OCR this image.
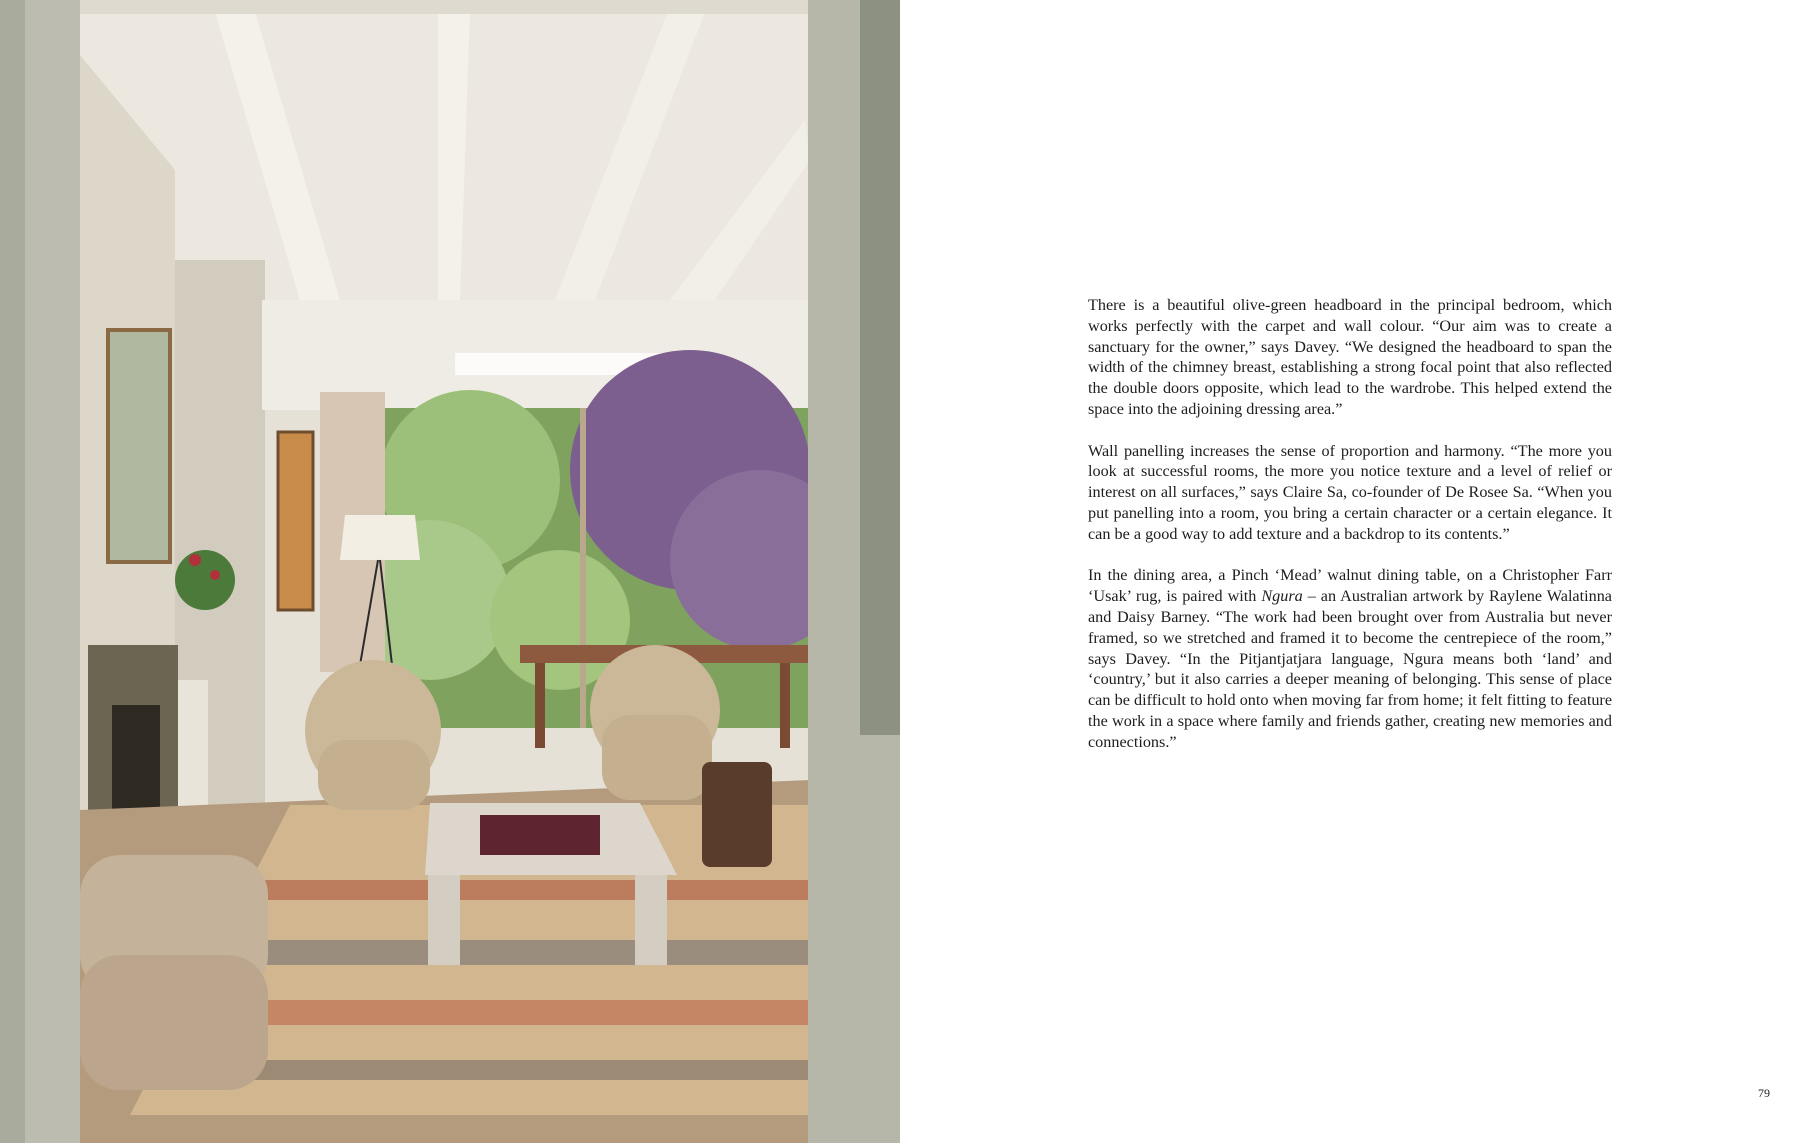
There is a beautiful olive-green headboard in the principal bedroom, which works perfectly with the carpet and wall colour. “Our aim was to create a sanctuary for the owner,” says Davey. “We designed the headboard to span the width of the chimney breast, establishing a strong focal point that also reflected the double doors opposite, which lead to the wardrobe. This helped extend the space into the adjoining dressing area.”

Wall panelling increases the sense of proportion and harmony. “The more you look at successful rooms, the more you notice texture and a level of relief or interest on all surfaces,” says Claire Sa, co-founder of De Rosee Sa. “When you put panelling into a room, you bring a certain character or a certain elegance. It can be a good way to add texture and a backdrop to its contents.”

In the dining area, a Pinch ‘Mead’ walnut dining table, on a Christopher Farr ‘Usak’ rug, is paired with Ngura – an Australian artwork by Raylene Walatinna and Daisy Barney. “The work had been brought over from Australia but never framed, so we stretched and framed it to become the centrepiece of the room,” says Davey. “In the Pitjantjatjara language, Ngura means both ‘land’ and ‘country,’ but it also carries a deeper meaning of belonging. This sense of place can be difficult to hold onto when moving far from home; it felt fitting to feature the work in a space where family and friends gather, creating new memories and connections.”

79
